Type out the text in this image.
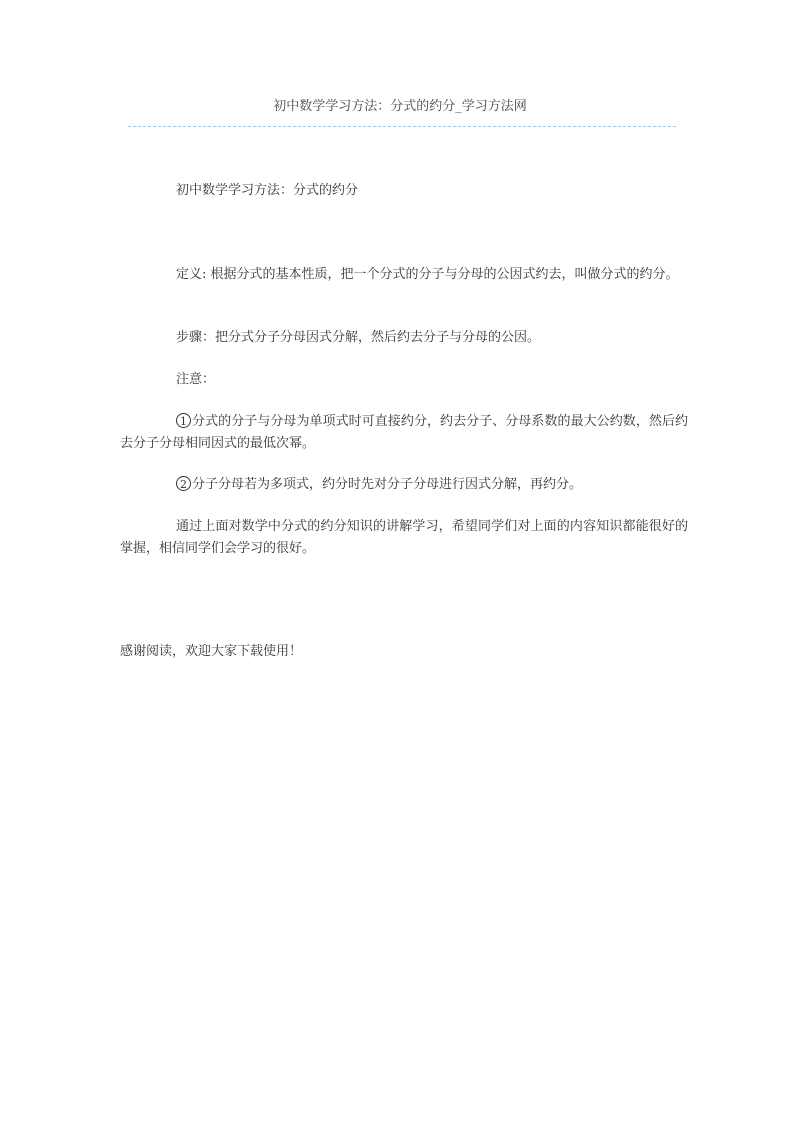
初中数学学习方法：分式的约分_学习方法网

初中数学学习方法：分式的约分

定义: 根据分式的基本性质，把一个分式的分子与分母的公因式约去，叫做分式的约分。

步骤：把分式分子分母因式分解，然后约去分子与分母的公因。

注意：

1 分式的分子与分母为单项式时可直接约分，约去分子、分母系数的最大公约数，然后约去分子分母相同因式的最低次幂。

2 分子分母若为多项式，约分时先对分子分母进行因式分解，再约分。

通过上面对数学中分式的约分知识的讲解学习，希望同学们对上面的内容知识都能很好的掌握，相信同学们会学习的很好。

感谢阅读，欢迎大家下载使用！
